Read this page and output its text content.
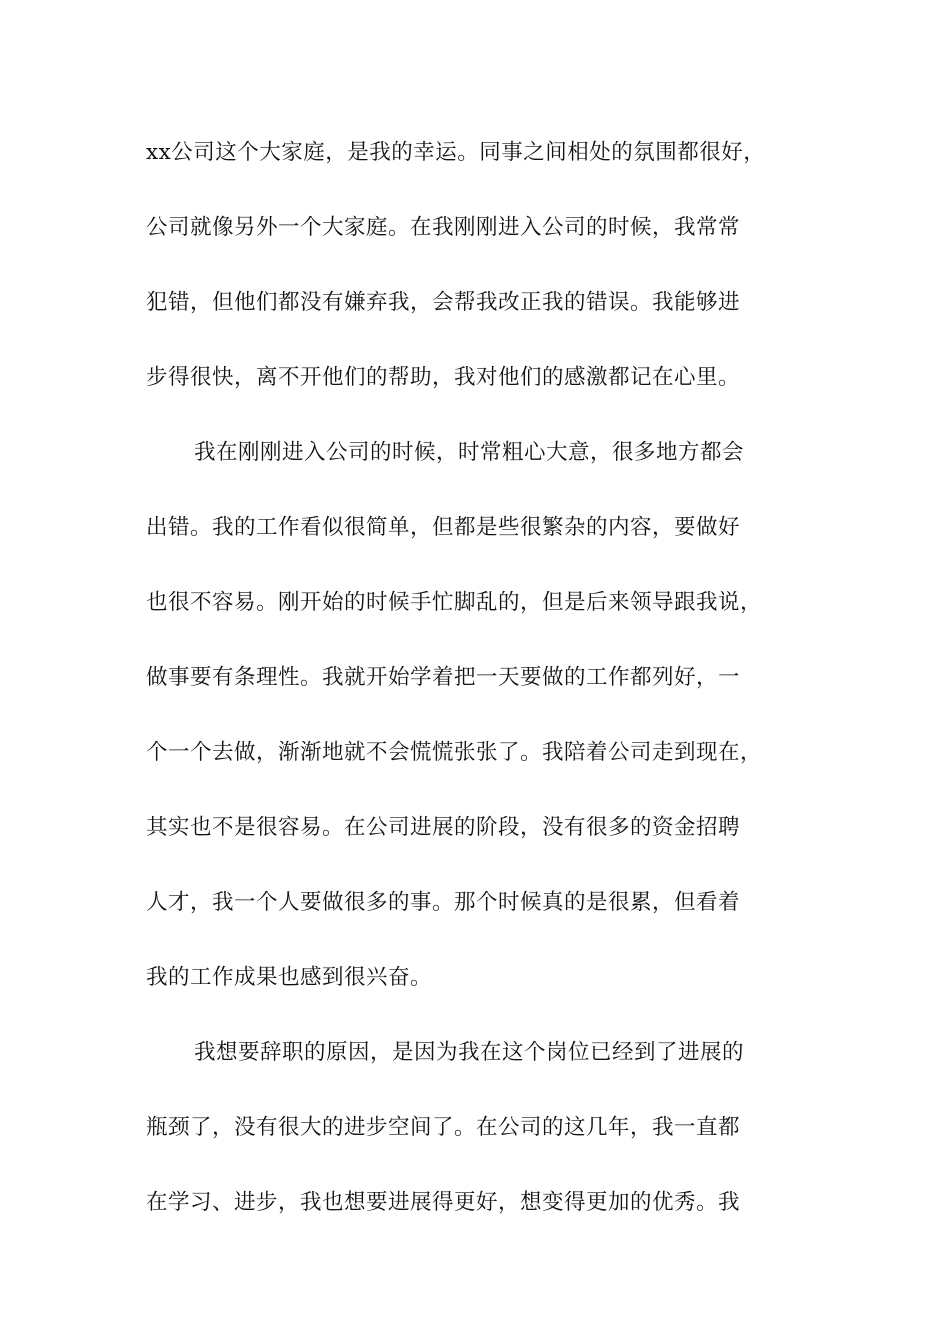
xx公司这个大家庭，是我的幸运。同事之间相处的氛围都很好，

公司就像另外一个大家庭。在我刚刚进入公司的时候，我常常

犯错，但他们都没有嫌弃我，会帮我改正我的错误。我能够进

步得很快，离不开他们的帮助，我对他们的感激都记在心里。

我在刚刚进入公司的时候，时常粗心大意，很多地方都会

出错。我的工作看似很简单，但都是些很繁杂的内容，要做好

也很不容易。刚开始的时候手忙脚乱的，但是后来领导跟我说，

做事要有条理性。我就开始学着把一天要做的工作都列好，一

个一个去做，渐渐地就不会慌慌张张了。我陪着公司走到现在，

其实也不是很容易。在公司进展的阶段，没有很多的资金招聘

人才，我一个人要做很多的事。那个时候真的是很累，但看着

我的工作成果也感到很兴奋。

我想要辞职的原因，是因为我在这个岗位已经到了进展的

瓶颈了，没有很大的进步空间了。在公司的这几年，我一直都

在学习、进步，我也想要进展得更好，想变得更加的优秀。我
